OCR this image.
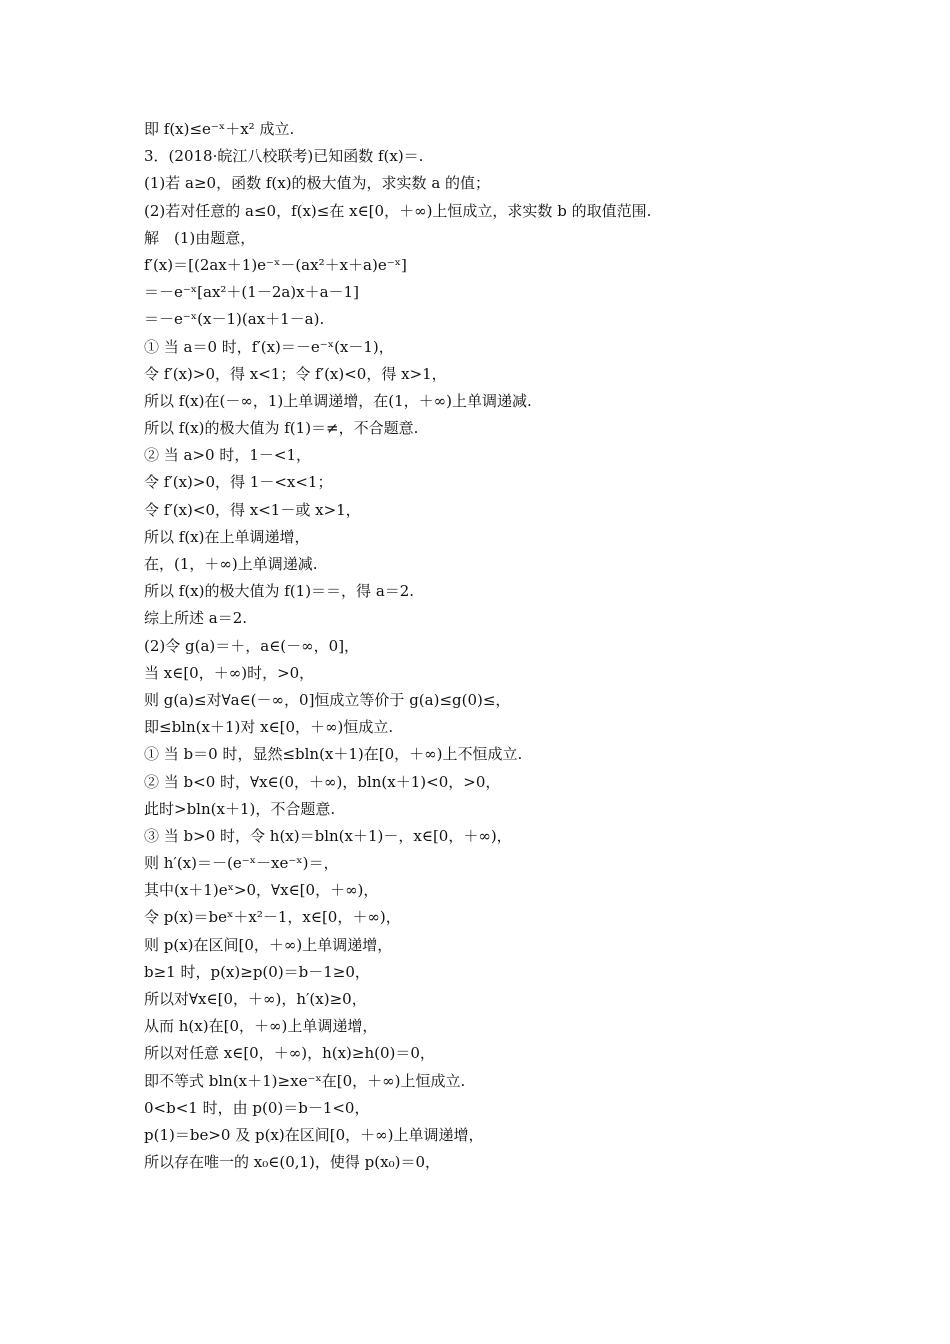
即 f(x)≤e⁻ˣ＋x² 成立.
3．(2018·皖江八校联考)已知函数 f(x)＝.
(1)若 a≥0，函数 f(x)的极大值为，求实数 a 的值；
(2)若对任意的 a≤0，f(x)≤在 x∈[0，＋∞)上恒成立，求实数 b 的取值范围.
解　(1)由题意，
f′(x)＝[(2ax＋1)e⁻ˣ－(ax²＋x＋a)e⁻ˣ]
＝－e⁻ˣ[ax²＋(1－2a)x＋a－1]
＝－e⁻ˣ(x－1)(ax＋1－a).
① 当 a＝0 时，f′(x)＝－e⁻ˣ(x－1)，
令 f′(x)>0，得 x<1；令 f′(x)<0，得 x>1，
所以 f(x)在(－∞，1)上单调递增，在(1，＋∞)上单调递减.
所以 f(x)的极大值为 f(1)＝≠，不合题意.
② 当 a>0 时，1－<1，
令 f′(x)>0，得 1－<x<1；
令 f′(x)<0，得 x<1－或 x>1，
所以 f(x)在上单调递增，
在，(1，＋∞)上单调递减.
所以 f(x)的极大值为 f(1)＝＝，得 a＝2.
综上所述 a＝2.
(2)令 g(a)＝＋，a∈(－∞，0]，
当 x∈[0，＋∞)时，>0，
则 g(a)≤对∀a∈(－∞，0]恒成立等价于 g(a)≤g(0)≤，
即≤bln(x＋1)对 x∈[0，＋∞)恒成立.
① 当 b＝0 时，显然≤bln(x＋1)在[0，＋∞)上不恒成立.
② 当 b<0 时，∀x∈(0，＋∞)，bln(x＋1)<0，>0，
此时>bln(x＋1)，不合题意.
③ 当 b>0 时，令 h(x)＝bln(x＋1)－，x∈[0，＋∞)，
则 h′(x)＝－(e⁻ˣ－xe⁻ˣ)＝，
其中(x＋1)eˣ>0，∀x∈[0，＋∞)，
令 p(x)＝beˣ＋x²－1，x∈[0，＋∞)，
则 p(x)在区间[0，＋∞)上单调递增，
b≥1 时，p(x)≥p(0)＝b－1≥0，
所以对∀x∈[0，＋∞)，h′(x)≥0，
从而 h(x)在[0，＋∞)上单调递增，
所以对任意 x∈[0，＋∞)，h(x)≥h(0)＝0，
即不等式 bln(x＋1)≥xe⁻ˣ在[0，＋∞)上恒成立.
0<b<1 时，由 p(0)＝b－1<0，
p(1)＝be>0 及 p(x)在区间[0，＋∞)上单调递增，
所以存在唯一的 x₀∈(0,1)，使得 p(x₀)＝0，
